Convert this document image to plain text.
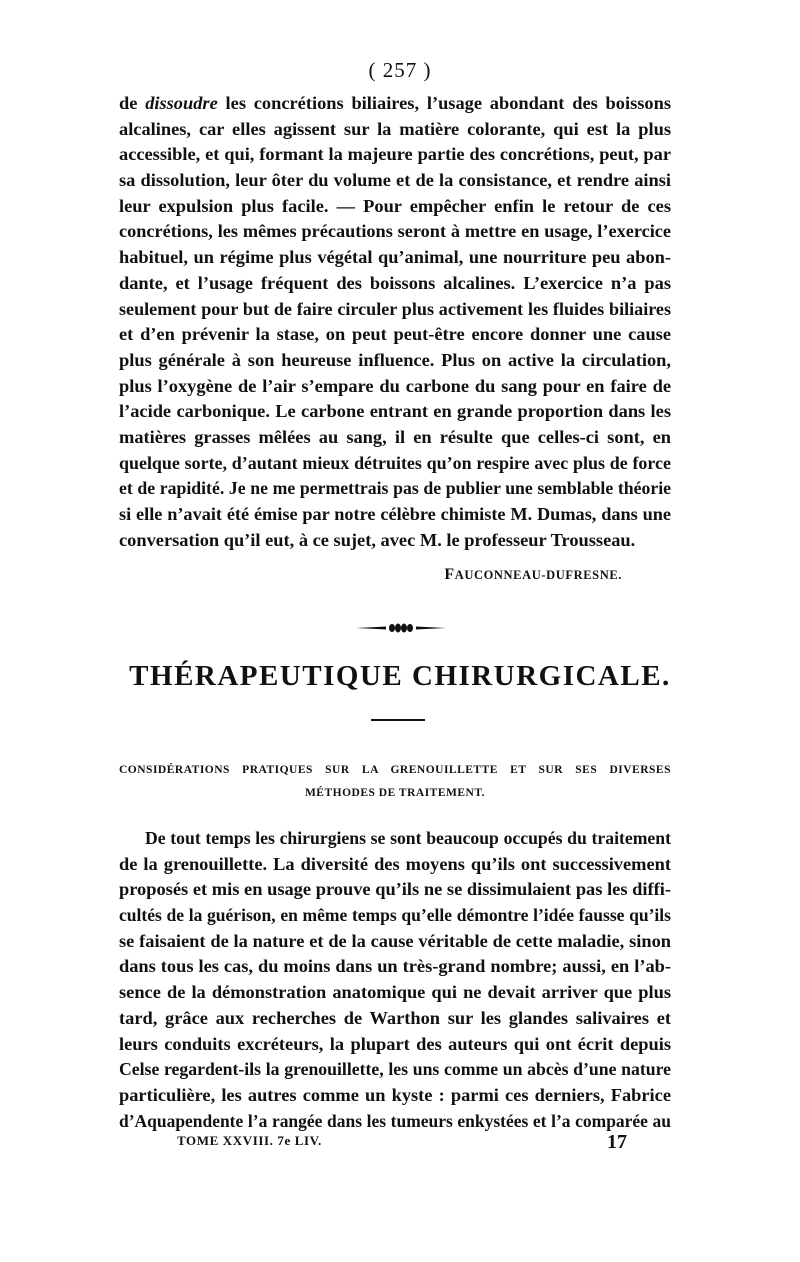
( 257 )
de dissoudre les concrétions biliaires, l’usage abondant des boissons
alcalines, car elles agissent sur la matière colorante, qui est la plus
accessible, et qui, formant la majeure partie des concrétions, peut, par
sa dissolution, leur ôter du volume et de la consistance, et rendre ainsi
leur expulsion plus facile. — Pour empêcher enfin le retour de ces
concrétions, les mêmes précautions seront à mettre en usage, l’exercice
habituel, un régime plus végétal qu’animal, une nourriture peu abon-
dante, et l’usage fréquent des boissons alcalines. L’exercice n’a pas
seulement pour but de faire circuler plus activement les fluides biliaires
et d’en prévenir la stase, on peut peut-être encore donner une cause
plus générale à son heureuse influence. Plus on active la circulation,
plus l’oxygène de l’air s’empare du carbone du sang pour en faire de
l’acide carbonique. Le carbone entrant en grande proportion dans les
matières grasses mêlées au sang, il en résulte que celles-ci sont, en
quelque sorte, d’autant mieux détruites qu’on respire avec plus de force
et de rapidité. Je ne me permettrais pas de publier une semblable théorie
si elle n’avait été émise par notre célèbre chimiste M. Dumas, dans une
conversation qu’il eut, à ce sujet, avec M. le professeur Trousseau.
FAUCONNEAU-DUFRESNE.
THÉRAPEUTIQUE CHIRURGICALE.
CONSIDÉRATIONS PRATIQUES SUR LA GRENOUILLETTE ET SUR SES DIVERSES
MÉTHODES DE TRAITEMENT.
De tout temps les chirurgiens se sont beaucoup occupés du traitement
de la grenouillette. La diversité des moyens qu’ils ont successivement
proposés et mis en usage prouve qu’ils ne se dissimulaient pas les diffi-
cultés de la guérison, en même temps qu’elle démontre l’idée fausse qu’ils
se faisaient de la nature et de la cause véritable de cette maladie, sinon
dans tous les cas, du moins dans un très-grand nombre; aussi, en l’ab-
sence de la démonstration anatomique qui ne devait arriver que plus
tard, grâce aux recherches de Warthon sur les glandes salivaires et
leurs conduits excréteurs, la plupart des auteurs qui ont écrit depuis
Celse regardent-ils la grenouillette, les uns comme un abcès d’une nature
particulière, les autres comme un kyste : parmi ces derniers, Fabrice
d’Aquapendente l’a rangée dans les tumeurs enkystées et l’a comparée au
TOME XXVIII. 7e LIV.	17
